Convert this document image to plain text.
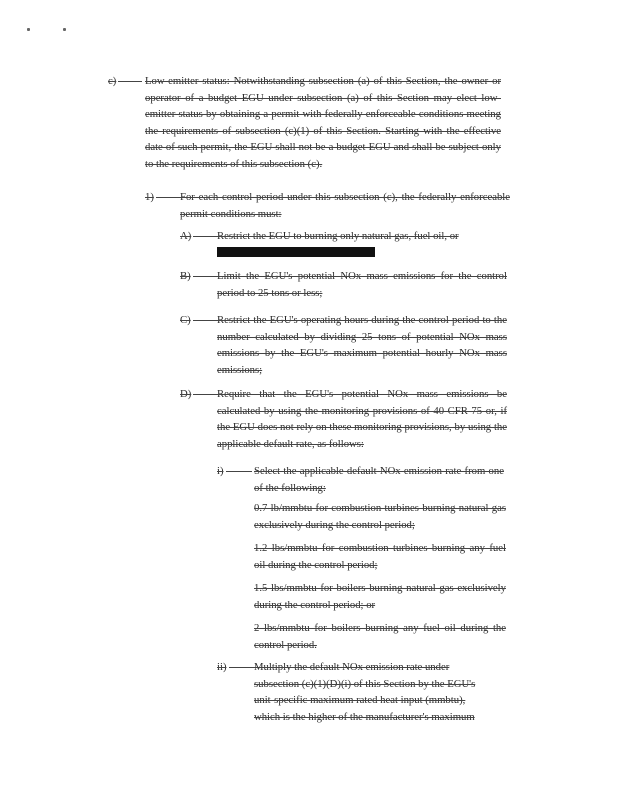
c)	Low-emitter status: Notwithstanding subsection (a) of this Section, the owner or operator of a budget EGU under subsection (a) of this Section may elect low-emitter status by obtaining a permit with federally enforceable conditions meeting the requirements of subsection (c)(1) of this Section. Starting with the effective date of such permit, the EGU shall not be a budget EGU and shall be subject only to the requirements of this subsection (c).
1)	For each control period under this subsection (c), the federally enforceable permit conditions must:
A)	Restrict the EGU to burning only natural gas, fuel oil, or
B)	Limit the EGU's potential NOx mass emissions for the control period to 25 tons or less;
C)	Restrict the EGU's operating hours during the control period to the number calculated by dividing 25 tons of potential NOx mass emissions by the EGU's maximum potential hourly NOx mass emissions;
D)	Require that the EGU's potential NOx mass emissions be calculated by using the monitoring provisions of 40 CFR 75 or, if the EGU does not rely on these monitoring provisions, by using the applicable default rate, as follows:
i)	Select the applicable default NOx emission rate from one of the following:
0.7 lb/mmbtu for combustion turbines burning natural gas exclusively during the control period;
1.2 lbs/mmbtu for combustion turbines burning any fuel oil during the control period;
1.5 lbs/mmbtu for boilers burning natural gas exclusively during the control period; or
2 lbs/mmbtu for boilers burning any fuel oil during the control period.
ii)	Multiply the default NOx emission rate under
subsection (c)(1)(D)(i) of this Section by the EGU's
unit-specific maximum rated heat input (mmbtu),
which is the higher of the manufacturer's maximum
